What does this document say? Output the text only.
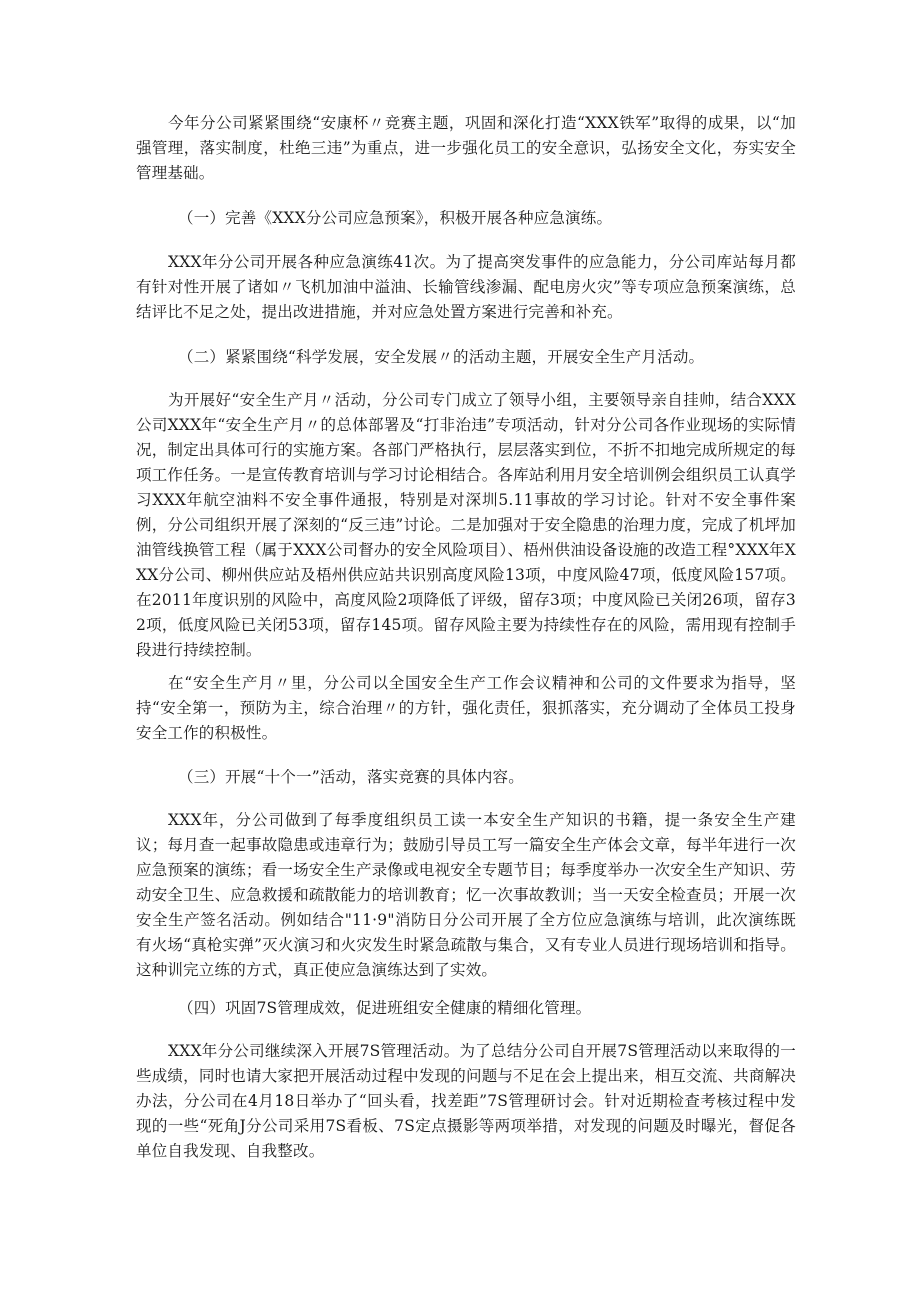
今年分公司紧紧围绕“安康杯〃竞赛主题，巩固和深化打造“XXX铁军”取得的成果，以“加强管理，落实制度，杜绝三违”为重点，进一步强化员工的安全意识，弘扬安全文化，夯实安全管理基础。

（一）完善《XXX分公司应急预案》，积极开展各种应急演练。

XXX年分公司开展各种应急演练41次。为了提高突发事件的应急能力，分公司库站每月都有针对性开展了诸如〃飞机加油中溢油、长输管线渗漏、配电房火灾”等专项应急预案演练，总结评比不足之处，提出改进措施，并对应急处置方案进行完善和补充。

（二）紧紧围绕“科学发展，安全发展〃的活动主题，开展安全生产月活动。

为开展好“安全生产月〃活动，分公司专门成立了领导小组，主要领导亲自挂帅，结合XXX公司XXX年“安全生产月〃的总体部署及“打非治违”专项活动，针对分公司各作业现场的实际情况，制定出具体可行的实施方案。各部门严格执行，层层落实到位，不折不扣地完成所规定的每项工作任务。一是宣传教育培训与学习讨论相结合。各库站利用月安全培训例会组织员工认真学习XXX年航空油料不安全事件通报，特别是对深圳5.11事故的学习讨论。针对不安全事件案例，分公司组织开展了深刻的“反三违”讨论。二是加强对于安全隐患的治理力度，完成了机坪加油管线换管工程（属于XXX公司督办的安全风险项目）、梧州供油设备设施的改造工程°XXX年XXX分公司、柳州供应站及梧州供应站共识别高度风险13项，中度风险47项，低度风险157项。在2011年度识别的风险中，高度风险2项降低了评级，留存3项；中度风险已关闭26项，留存32项，低度风险已关闭53项，留存145项。留存风险主要为持续性存在的风险，需用现有控制手段进行持续控制。

在“安全生产月〃里，分公司以全国安全生产工作会议精神和公司的文件要求为指导，坚持“安全第一，预防为主，综合治理〃的方针，强化责任，狠抓落实，充分调动了全体员工投身安全工作的积极性。

（三）开展“十个一”活动，落实竞赛的具体内容。

XXX年，分公司做到了每季度组织员工读一本安全生产知识的书籍，提一条安全生产建议；每月查一起事故隐患或违章行为；鼓励引导员工写一篇安全生产体会文章，每半年进行一次应急预案的演练；看一场安全生产录像或电视安全专题节目；每季度举办一次安全生产知识、劳动安全卫生、应急救援和疏散能力的培训教育；忆一次事故教训；当一天安全检查员；开展一次安全生产签名活动。例如结合"11·9"消防日分公司开展了全方位应急演练与培训，此次演练既有火场“真枪实弹”灭火演习和火灾发生时紧急疏散与集合，又有专业人员进行现场培训和指导。这种训完立练的方式，真正使应急演练达到了实效。

（四）巩固7S管理成效，促进班组安全健康的精细化管理。

XXX年分公司继续深入开展7S管理活动。为了总结分公司自开展7S管理活动以来取得的一些成绩，同时也请大家把开展活动过程中发现的问题与不足在会上提出来，相互交流、共商解决办法，分公司在4月18日举办了“回头看，找差距”7S管理研讨会。针对近期检查考核过程中发现的一些“死角J分公司采用7S看板、7S定点摄影等两项举措，对发现的问题及时曝光，督促各单位自我发现、自我整改。
